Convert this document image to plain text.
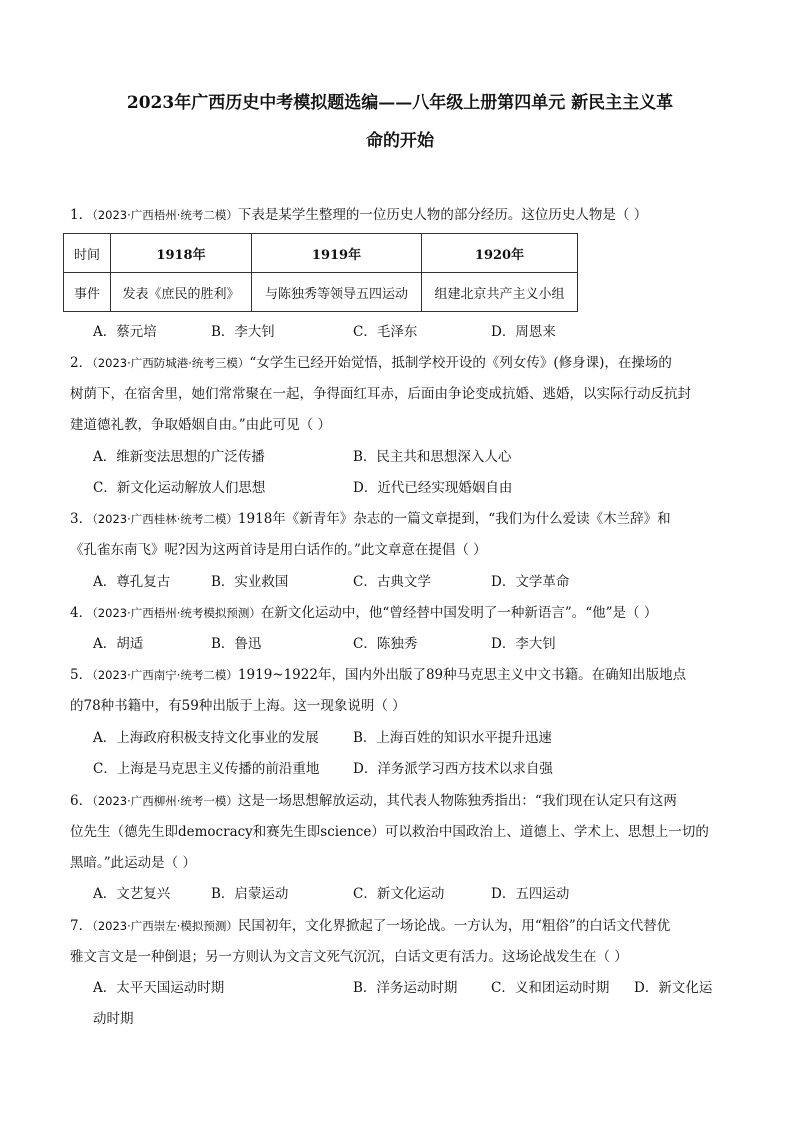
2023年广西历史中考模拟题选编——八年级上册第四单元 新民主主义革
命的开始
1．（2023·广西梧州·统考二模）下表是某学生整理的一位历史人物的部分经历。这位历史人物是（ ）
时间	1918年	1919年	1920年
事件	发表《庶民的胜利》	与陈独秀等领导五四运动	组建北京共产主义小组
A．蔡元培	B．李大钊	C．毛泽东	D．周恩来
2．（2023·广西防城港·统考三模）“女学生已经开始觉悟，抵制学校开设的《列女传》(修身课)，在操场的
树荫下，在宿舍里，她们常常聚在一起，争得面红耳赤，后面由争论变成抗婚、逃婚，以实际行动反抗封
建道德礼教，争取婚姻自由。”由此可见（ ）
A．维新变法思想的广泛传播	B．民主共和思想深入人心
C．新文化运动解放人们思想	D．近代已经实现婚姻自由
3．（2023·广西桂林·统考二模）1918年《新青年》杂志的一篇文章提到，“我们为什么爱读《木兰辞》和
《孔雀东南飞》呢?因为这两首诗是用白话作的。”此文章意在提倡（ ）
A．尊孔复古	B．实业救国	C．古典文学	D．文学革命
4．（2023·广西梧州·统考模拟预测）在新文化运动中，他“曾经替中国发明了一种新语言”。“他”是（ ）
A．胡适	B．鲁迅	C．陈独秀	D．李大钊
5．（2023·广西南宁·统考二模）1919~1922年，国内外出版了89种马克思主义中文书籍。在确知出版地点
的78种书籍中，有59种出版于上海。这一现象说明（ ）
A．上海政府积极支持文化事业的发展	B．上海百姓的知识水平提升迅速
C．上海是马克思主义传播的前沿重地 D．洋务派学习西方技术以求自强
6．（2023·广西柳州·统考一模）这是一场思想解放运动，其代表人物陈独秀指出：“我们现在认定只有这两
位先生（德先生即democracy和赛先生即science）可以救治中国政治上、道德上、学术上、思想上一切的
黑暗。”此运动是（ ）
A．文艺复兴	B．启蒙运动	C．新文化运动	D．五四运动
7．（2023·广西崇左·模拟预测）民国初年，文化界掀起了一场论战。一方认为，用“粗俗”的白话文代替优
雅文言文是一种倒退；另一方则认为文言文死气沉沉，白话文更有活力。这场论战发生在（ ）
A．太平天国运动时期	B．洋务运动时期 C．义和团运动时期 D．新文化运
动时期
